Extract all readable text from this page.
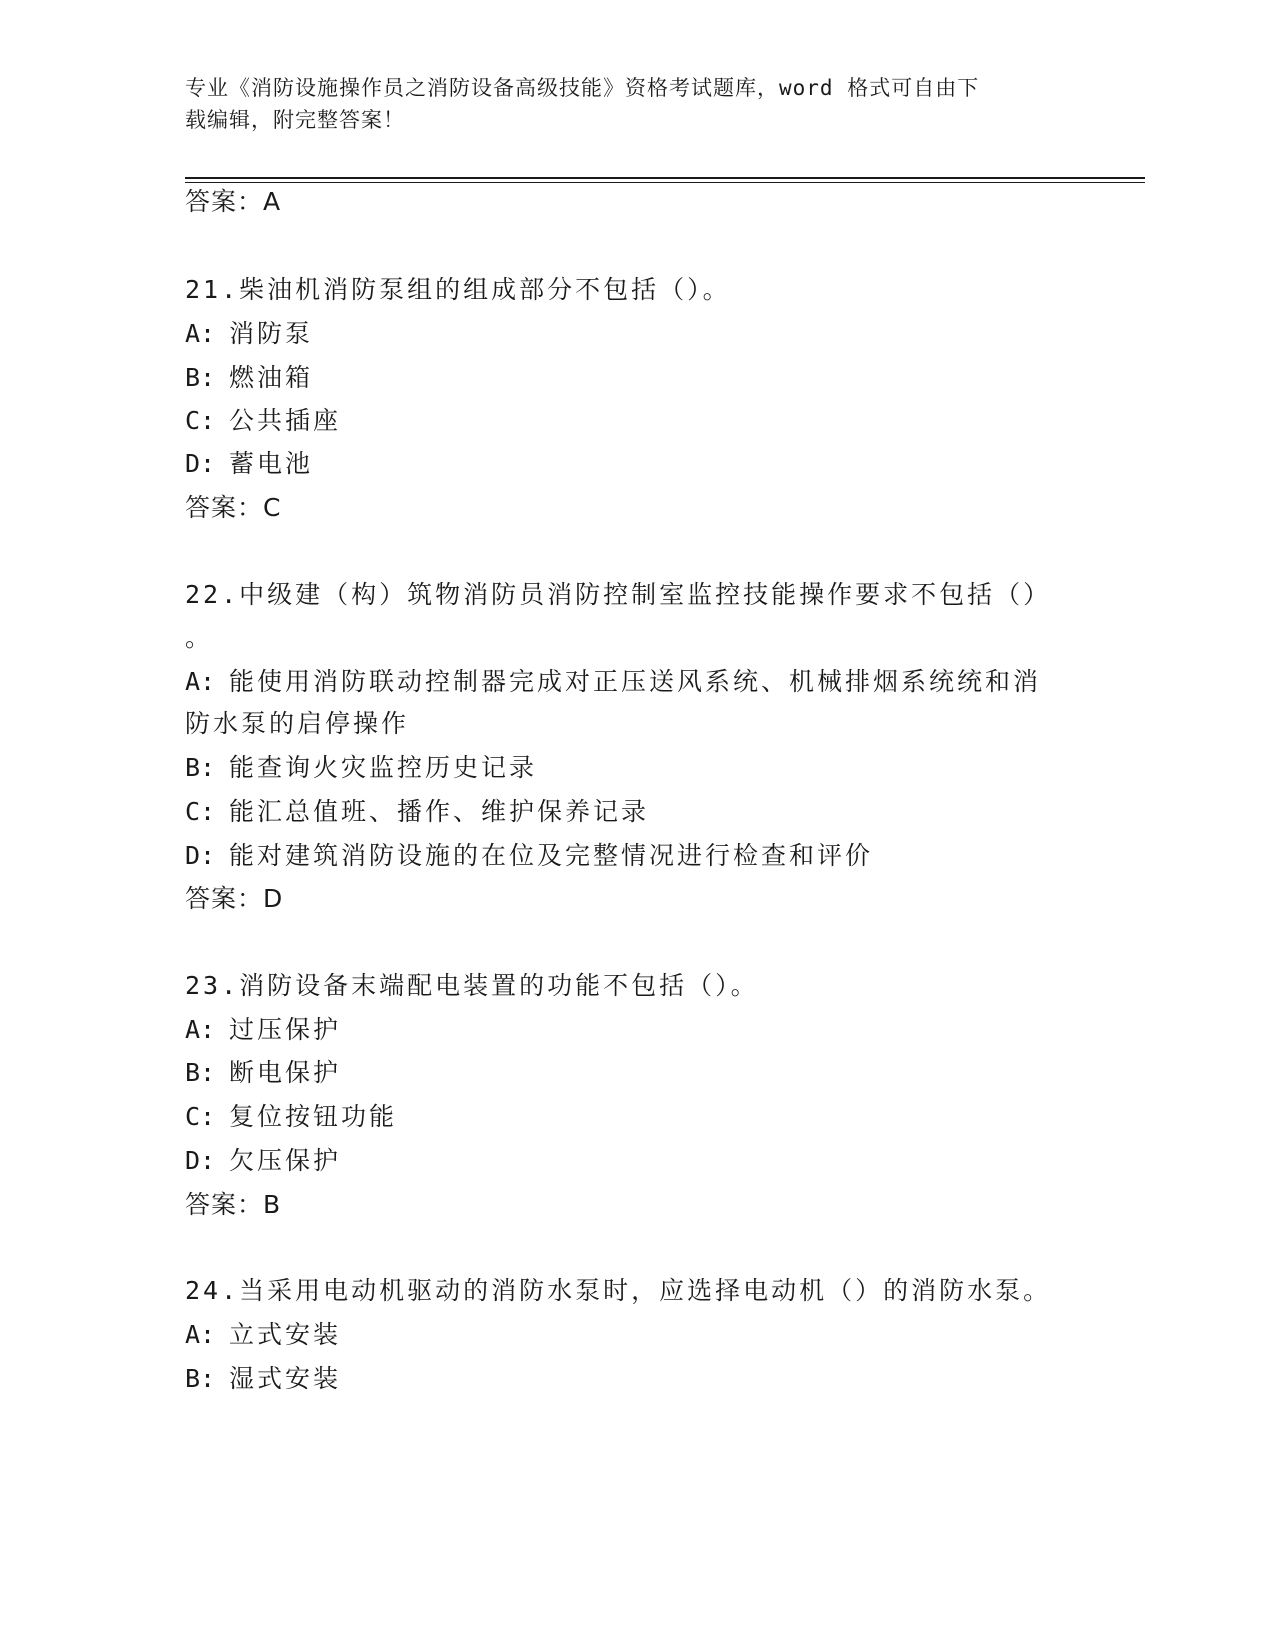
专业《消防设施操作员之消防设备高级技能》资格考试题库，word 格式可自由下
载编辑，附完整答案！
答案：A
21.柴油机消防泵组的组成部分不包括（）。
A: 消防泵
B: 燃油箱
C: 公共插座
D: 蓄电池
答案：C
22.中级建（构）筑物消防员消防控制室监控技能操作要求不包括（）
。
A: 能使用消防联动控制器完成对正压送风系统、机械排烟系统统和消
防水泵的启停操作
B: 能查询火灾监控历史记录
C: 能汇总值班、播作、维护保养记录
D: 能对建筑消防设施的在位及完整情况进行检查和评价
答案：D
23.消防设备末端配电装置的功能不包括（）。
A: 过压保护
B: 断电保护
C: 复位按钮功能
D: 欠压保护
答案：B
24.当采用电动机驱动的消防水泵时，应选择电动机（）的消防水泵。
A: 立式安装
B: 湿式安装
